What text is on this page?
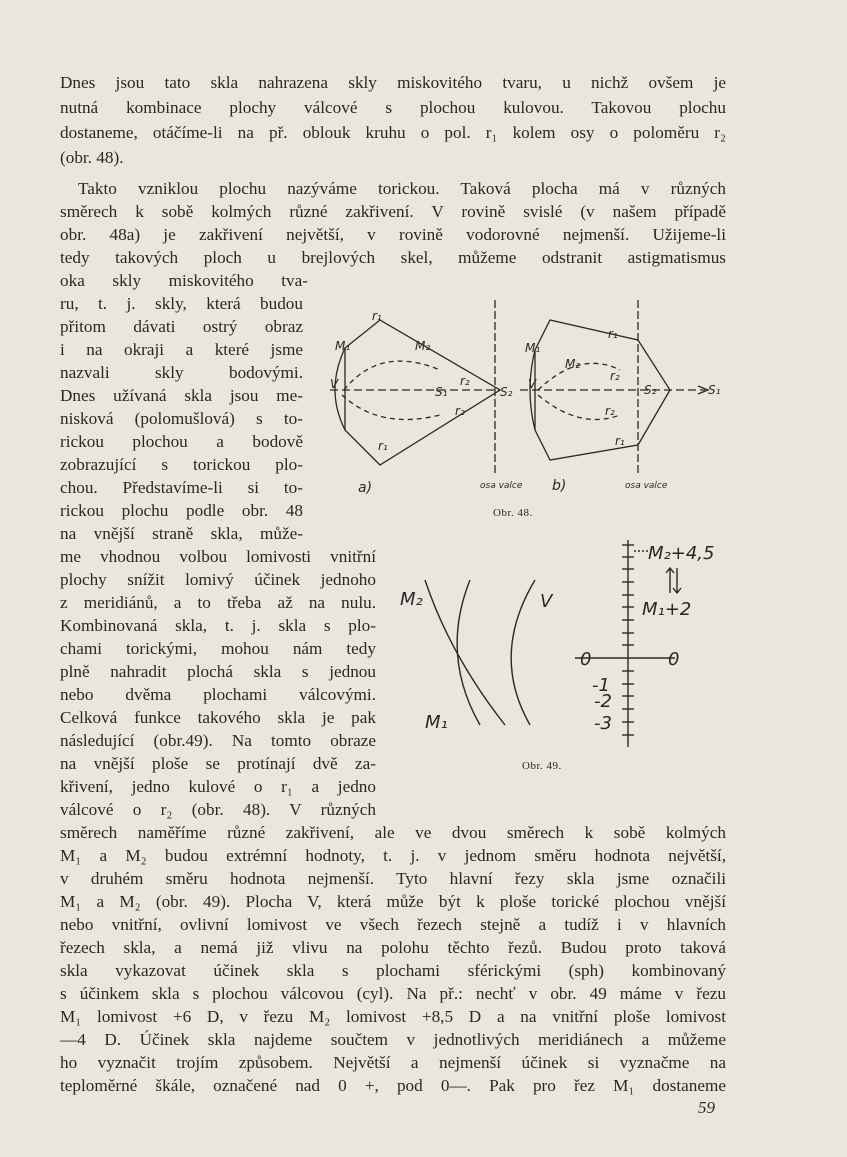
Dnes jsou tato skla nahrazena skly miskovitého tvaru, u nichž ovšem je
nutná kombinace plochy válcové s plochou kulovou. Takovou plochu
dostaneme, otáčíme-li na př. oblouk kruhu o pol. r₁ kolem osy o poloměru r₂
(obr. 48).
Takto vzniklou plochu nazýváme torickou. Taková plocha má v různých
směrech k sobě kolmých různé zakřivení. V rovině svislé (v našem případě
obr. 48a) je zakřivení největší, v rovině vodorovné nejmenší. Užijeme-li
tedy takových ploch u brejlových skel, můžeme odstranit astigmatismus
oka skly miskovitého tva-
ru, t. j. skly, která budou
přitom dávati ostrý obraz
i na okraji a které jsme
nazvali skly bodovými.
Dnes užívaná skla jsou me-
nisková (polomušlová) s to-
rickou plochou a bodově
zobrazující s torickou plo-
chou. Představíme-li si to-
rickou plochu podle obr. 48
na vnější straně skla, může-
me vhodnou volbou lomivosti vnitřní
plochy snížit lomivý účinek jednoho
z meridiánů, a to třeba až na nulu.
Kombinovaná skla, t. j. skla s plo-
chami torickými, mohou nám tedy
plně nahradit plochá skla s jednou
nebo dvěma plochami válcovými.
Celková funkce takového skla je pak
následující (obr.49). Na tomto obraze
na vnější ploše se protínají dvě za-
křivení, jedno kulové o r₁ a jedno
válcové o r₂ (obr. 48). V různých
směrech naměříme různé zakřivení, ale ve dvou směrech k sobě kolmých
M₁ a M₂ budou extrémní hodnoty, t. j. v jednom směru hodnota největší,
v druhém směru hodnota nejmenší. Tyto hlavní řezy skla jsme označili
M₁ a M₂ (obr. 49). Plocha V, která může být k ploše torické plochou vnější
nebo vnitřní, ovlivní lomivost ve všech řezech stejně a tudíž i v hlavních
řezech skla, a nemá již vlivu na polohu těchto řezů. Budou proto taková
skla vykazovat účinek skla s plochami sférickými (sph) kombinovaný
s účinkem skla s plochou válcovou (cyl). Na př.: nechť v obr. 49 máme v řezu
M₁ lomivost +6 D, v řezu M₂ lomivost +8,5 D a na vnitřní ploše lomivost
—4 D. Účinek skla najdeme součtem v jednotlivých meridiánech a můžeme
ho vyznačit trojím způsobem. Největší a nejmenší účinek si vyznačme na
teploměrné škále, označené nad 0 +, pod 0—. Pak pro řez M₁ dostaneme
M₁
r₁
M₂
r₂
V
S₁	S₂
r₂
r₁
M₁
r₁
M₂
r₂
V	S₂	S₁
r₂
r₁
a)	b)
osa valce	osa valce
Obr. 48.
M₂	V
M₁
M₂+4,5
M₁+2
0	0
-1
-2
-3
Obr. 49.
59
